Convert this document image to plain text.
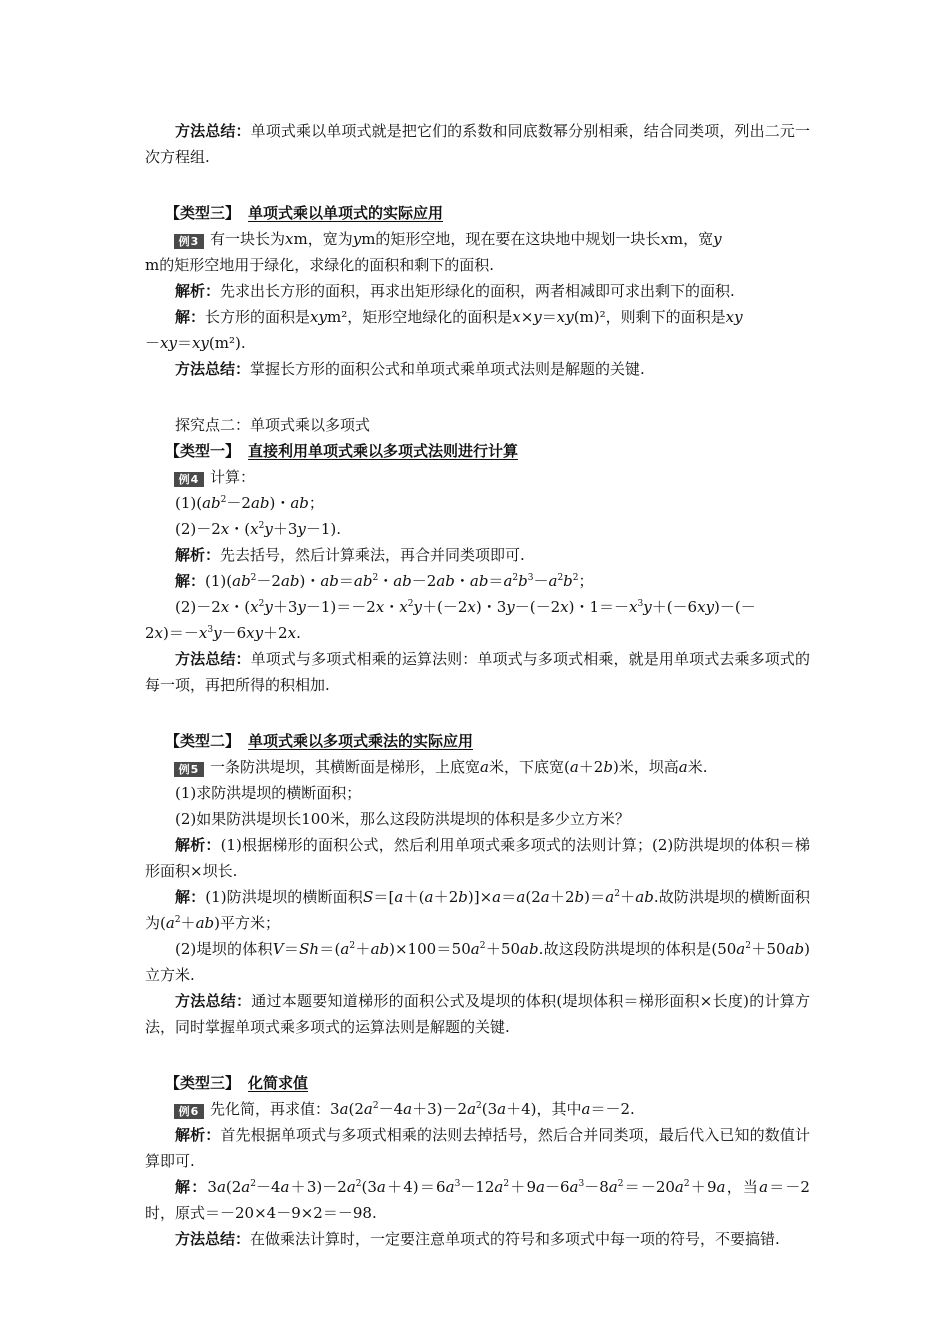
方法总结：单项式乘以单项式就是把它们的系数和同底数幂分别相乘，结合同类项，列出二元一次方程组.

【类型三】 单项式乘以单项式的实际应用

例3 有一块长为xm，宽为ym的矩形空地，现在要在这块地中规划一块长xm，宽y

m的矩形空地用于绿化，求绿化的面积和剩下的面积.

解析：先求出长方形的面积，再求出矩形绿化的面积，两者相减即可求出剩下的面积.

解：长方形的面积是xym²，矩形空地绿化的面积是x×y＝xy(m)²，则剩下的面积是xy
－xy＝xy(m²).

方法总结：掌握长方形的面积公式和单项式乘单项式法则是解题的关键.

探究点二：单项式乘以多项式

【类型一】 直接利用单项式乘以多项式法则进行计算

例4 计算：

$(1)(ab^2-2ab)$・ab；

(2)－2x・$(x^2y+3y-1)$.

解析：先去括号，然后计算乘法，再合并同类项即可.

解：$(1)(ab^2-2ab)$・$ab=ab^2$・ab－2ab・$ab=a^2b^3-a^2b^2$；

(2)－2x・$(x^2y+3y-1)=-2x$・$x^2y+(-2x)$・3y－(－2x)・$1=-x^3y+(-6xy)-(-$
$2x)=-x^3y-6xy+2x$.

方法总结：单项式与多项式相乘的运算法则：单项式与多项式相乘，就是用单项式去乘多项式的每一项，再把所得的积相加.

【类型二】 单项式乘以多项式乘法的实际应用

例5 一条防洪堤坝，其横断面是梯形，上底宽a米，下底宽(a＋2b)米，坝高a米.

(1)求防洪堤坝的横断面积；

(2)如果防洪堤坝长100米，那么这段防洪堤坝的体积是多少立方米？

解析：(1)根据梯形的面积公式，然后利用单项式乘多项式的法则计算；(2)防洪堤坝的体积＝梯形面积×坝长.

解：(1)防洪堤坝的横断面积$S=[a+(a+2b)]\times a=a(2a+2b)=a^2+ab$.故防洪堤坝的横断面积为$(a^2+ab)$平方米；

(2)堤坝的体积$V=Sh=(a^2+ab)\times 100=50a^2+50ab$.故这段防洪堤坝的体积是$(50a^2+50ab)$立方米.

方法总结：通过本题要知道梯形的面积公式及堤坝的体积(堤坝体积＝梯形面积×长度)的计算方法，同时掌握单项式乘多项式的运算法则是解题的关键.

【类型三】 化简求值

例6 先化简，再求值：$3a(2a^2-4a+3)-2a^2(3a+4)$，其中a＝－2.

解析：首先根据单项式与多项式相乘的法则去掉括号，然后合并同类项，最后代入已知的数值计算即可.

解：$3a(2a^2-4a+3)-2a^2(3a+4)=6a^3-12a^2+9a-6a^3-8a^2=-20a^2+9a$，当a＝－2时，原式＝－20×4－9×2＝－98.

方法总结：在做乘法计算时，一定要注意单项式的符号和多项式中每一项的符号，不要搞错.
